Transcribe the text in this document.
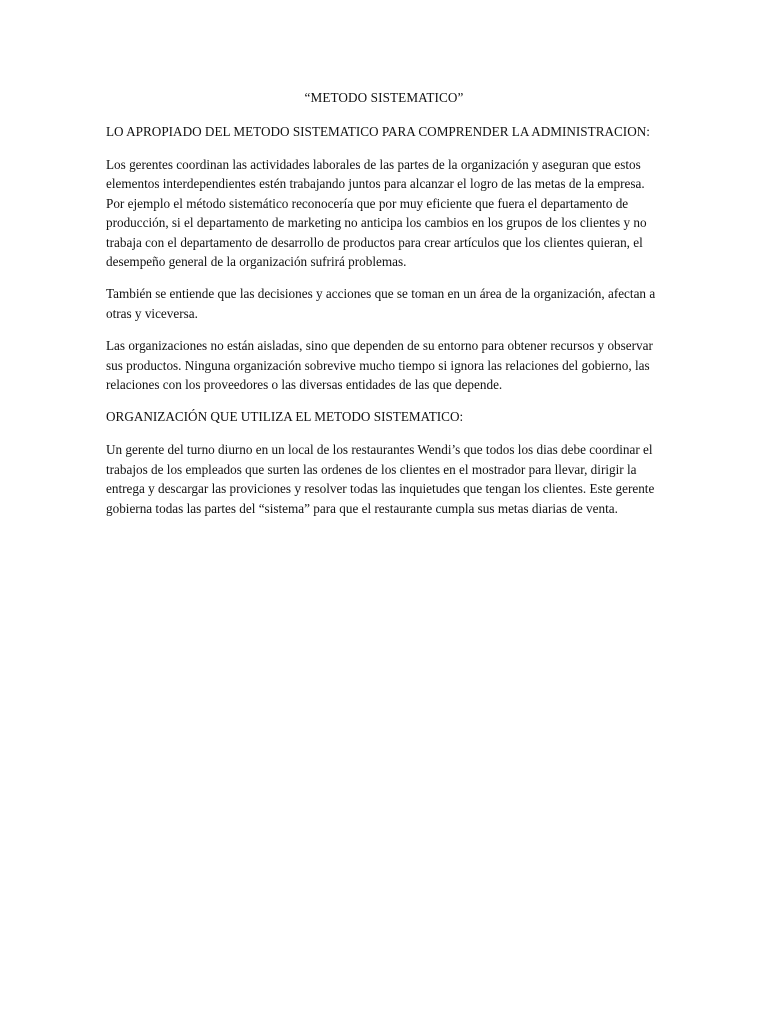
“METODO SISTEMATICO”
LO APROPIADO DEL METODO SISTEMATICO PARA COMPRENDER LA ADMINISTRACION:
Los gerentes coordinan las actividades laborales de las partes de la organización y aseguran que estos elementos interdependientes estén trabajando juntos para alcanzar el logro de las metas de la empresa. Por ejemplo el método sistemático reconocería que por muy eficiente que fuera el departamento de producción, si el departamento de marketing no anticipa los cambios en los grupos de los clientes y no trabaja con el departamento de desarrollo de productos para crear artículos que los clientes quieran, el desempeño general de la organización sufrirá problemas.
También se entiende que las decisiones y acciones que se toman en un área de la organización, afectan a otras y viceversa.
Las organizaciones no están aisladas, sino que dependen de su entorno para obtener recursos y observar sus productos. Ninguna organización sobrevive mucho tiempo si ignora las relaciones del gobierno, las relaciones con los proveedores o las diversas entidades de las que depende.
ORGANIZACIÓN QUE UTILIZA EL METODO SISTEMATICO:
Un gerente del turno diurno en un local de los restaurantes Wendi’s que todos los dias debe coordinar el trabajos de los empleados que surten las ordenes de los clientes en el mostrador para llevar, dirigir la entrega y descargar las proviciones y resolver todas las inquietudes que tengan los clientes. Este gerente gobierna todas las partes del “sistema” para que el restaurante cumpla sus metas diarias de venta.
